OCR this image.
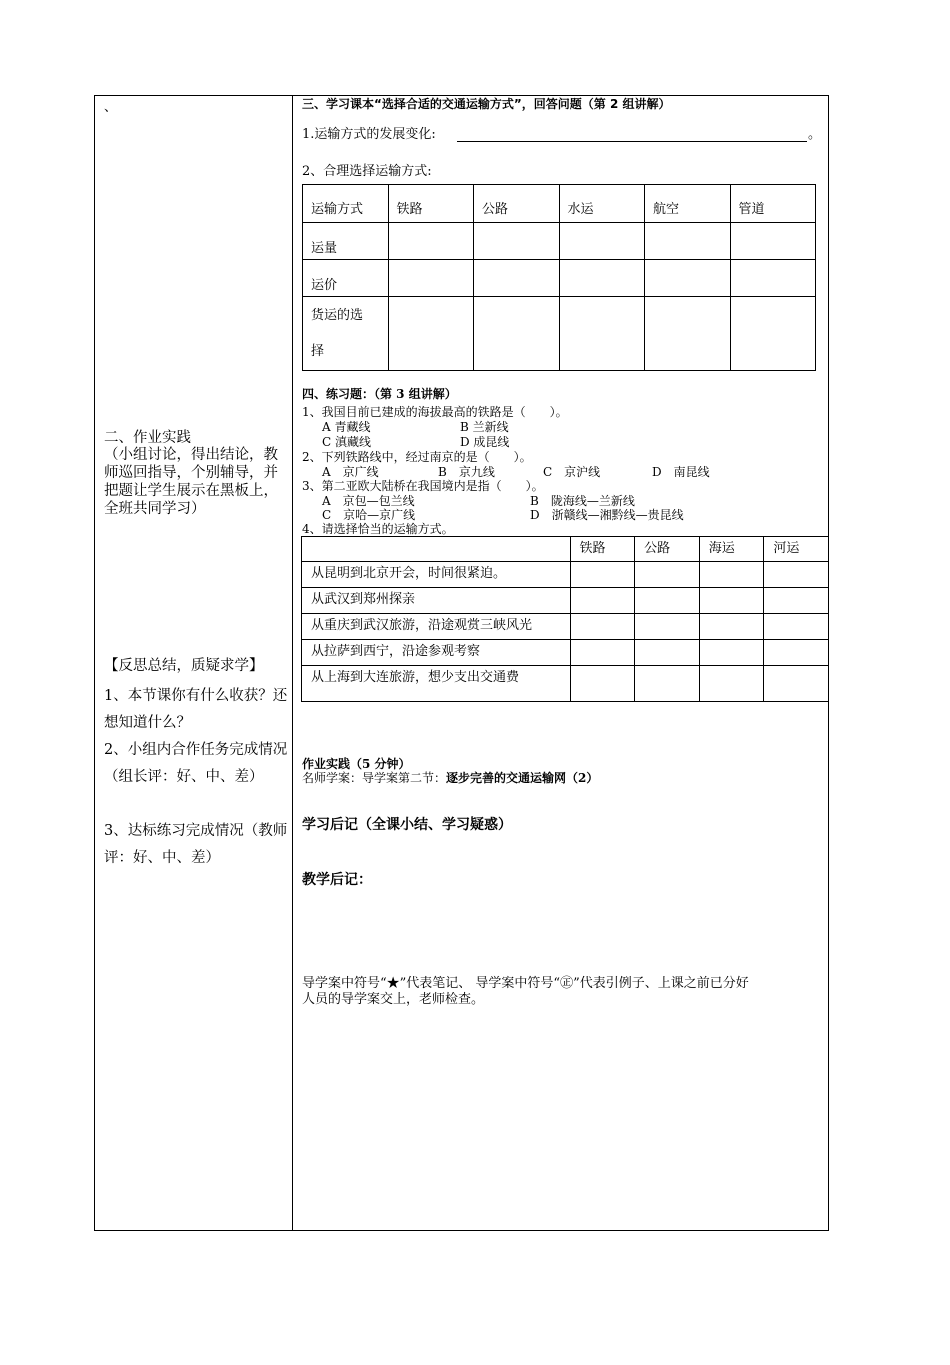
、
二、作业实践
（小组讨论，得出结论，教师巡回指导，个别辅导，并把题让学生展示在黑板上，全班共同学习）
【反思总结，质疑求学】
1、本节课你有什么收获？还想知道什么？
2、小组内合作任务完成情况（组长评：好、中、差）
3、达标练习完成情况（教师评：好、中、差）
三、学习课本“选择合适的交通运输方式”，回答问题（第 2 组讲解）
1.运输方式的发展变化:	。
2、合理选择运输方式:
运输方式	铁路	公路	水运	航空	管道
运量					
运价					
货运的选
择					
四、练习题：（第 3 组讲解）
1、我国目前已建成的海拔最高的铁路是（　　）。
A 青藏线	B 兰新线
C 滇藏线	D 成昆线
2、下列铁路线中，经过南京的是（　　）。
A　京广线	B　京九线	C　京沪线	D　南昆线
3、第二亚欧大陆桥在我国境内是指（　　）。
A　京包—包兰线	B　陇海线—兰新线
C　京哈—京广线	D　浙赣线—湘黔线—贵昆线
4、请选择恰当的运输方式。
	铁路	公路	海运	河运
从昆明到北京开会，时间很紧迫。				
从武汉到郑州探亲				
从重庆到武汉旅游，沿途观赏三峡风光				
从拉萨到西宁，沿途参观考察				
从上海到大连旅游，想少支出交通费				
作业实践（5 分钟）
名师学案：导学案第二节：逐步完善的交通运输网（2）
学习后记（全课小结、学习疑惑）
教学后记：
导学案中符号“★”代表笔记、 导学案中符号“㊣”代表引例子、上课之前已分好
人员的导学案交上，老师检查。
